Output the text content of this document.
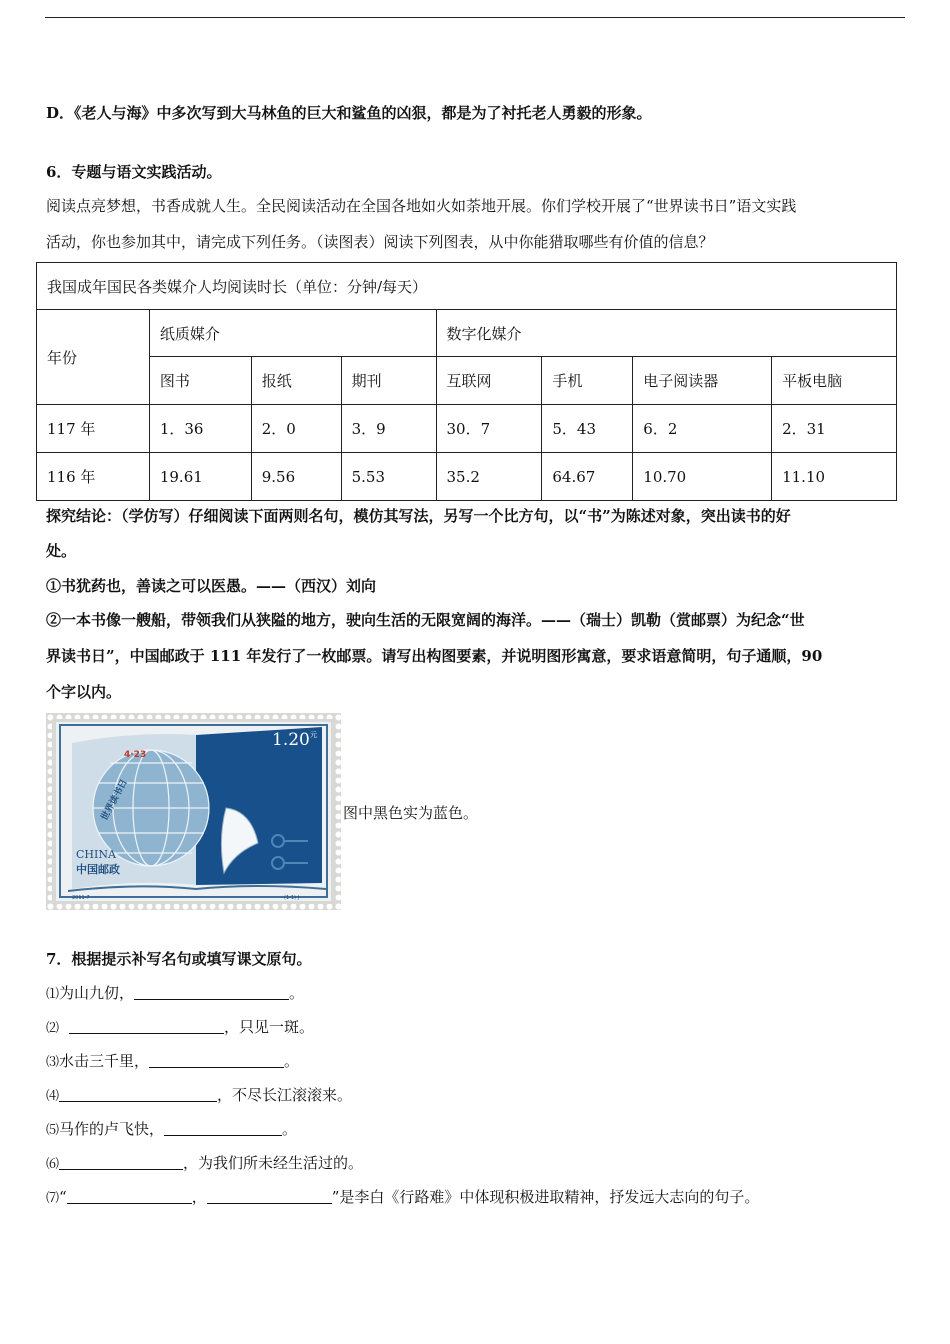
D．《老人与海》中多次写到大马林鱼的巨大和鲨鱼的凶狠，都是为了衬托老人勇毅的形象。
6．专题与语文实践活动。
阅读点亮梦想，书香成就人生。全民阅读活动在全国各地如火如荼地开展。你们学校开展了“世界读书日”语文实践
活动，你也参加其中，请完成下列任务。（读图表）阅读下列图表，从中你能猎取哪些有价值的信息？
我国成年国民各类媒介人均阅读时长（单位：分钟/每天）							
年份	纸质媒介			数字化媒介			
	图书	报纸	期刊	互联网	手机	电子阅读器	平板电脑
117 年	1．36	2．0	3．9	30．7	5．43	6．2	2．31
116 年	19.61	9.56	5.53	35.2	64.67	10.70	11.10
探究结论：（学仿写）仔细阅读下面两则名句，模仿其写法，另写一个比方句，以“书”为陈述对象，突出读书的好
处。
①书犹药也，善读之可以医愚。——（西汉）刘向
②一本书像一艘船，带领我们从狭隘的地方，驶向生活的无限宽阔的海洋。——（瑞士）凯勒（赏邮票）为纪念“世
界读书日”，中国邮政于 111 年发行了一枚邮票。请写出构图要素，并说明图形寓意，要求语意简明，句子通顺，90
个字以内。
1.20 元
4·23
世界读书日
CHINA
中国邮政
2011-7	(1-1) J
图中黑色实为蓝色。
7．根据提示补写名句或填写课文原句。
⑴为山九仞，	。
⑵	，只见一斑。
⑶水击三千里，	。
⑷	，不尽长江滚滚来。
⑸马作的卢飞快，	。
⑹	，为我们所未经生活过的。
⑺“	，	”是李白《行路难》中体现积极进取精神，抒发远大志向的句子。
